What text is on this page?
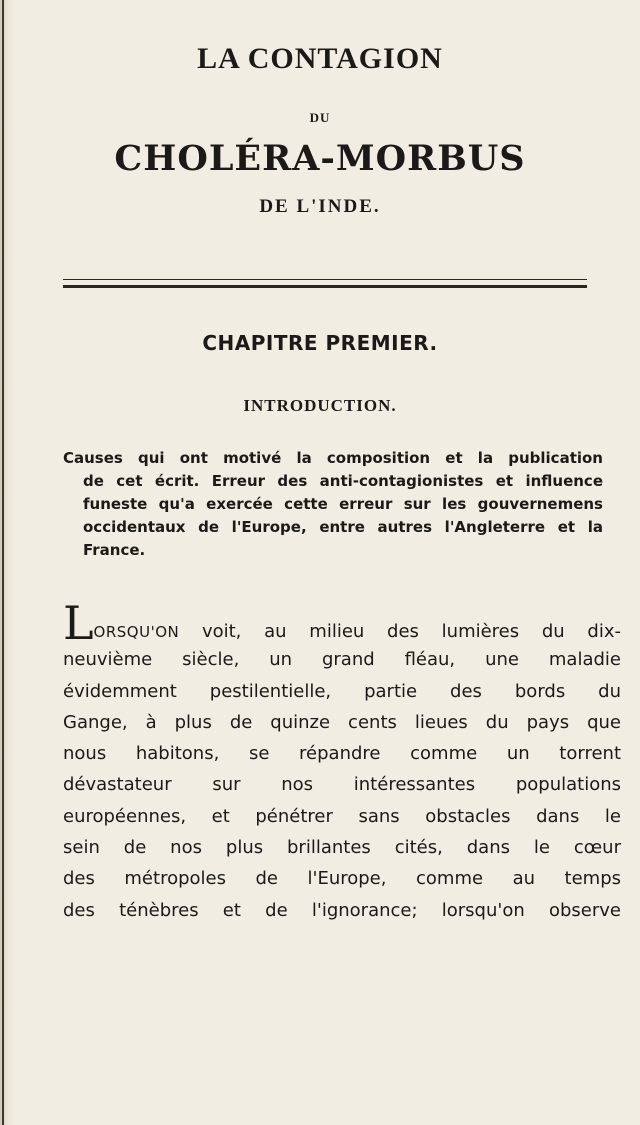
LA CONTAGION
DU
CHOLÉRA-MORBUS
DE L'INDE.
CHAPITRE PREMIER.
INTRODUCTION.
Causes qui ont motivé la composition et la publication
de cet écrit. Erreur des anti-contagionistes et influence
funeste qu'a exercée cette erreur sur les gouvernemens
occidentaux de l'Europe, entre autres l'Angleterre et la
France.
LORSQU'ON voit, au milieu des lumières du dix-
neuvième siècle, un grand fléau, une maladie
évidemment pestilentielle, partie des bords du
Gange, à plus de quinze cents lieues du pays que
nous habitons, se répandre comme un torrent
dévastateur sur nos intéressantes populations
européennes, et pénétrer sans obstacles dans le
sein de nos plus brillantes cités, dans le cœur
des métropoles de l'Europe, comme au temps
des ténèbres et de l'ignorance; lorsqu'on observe
